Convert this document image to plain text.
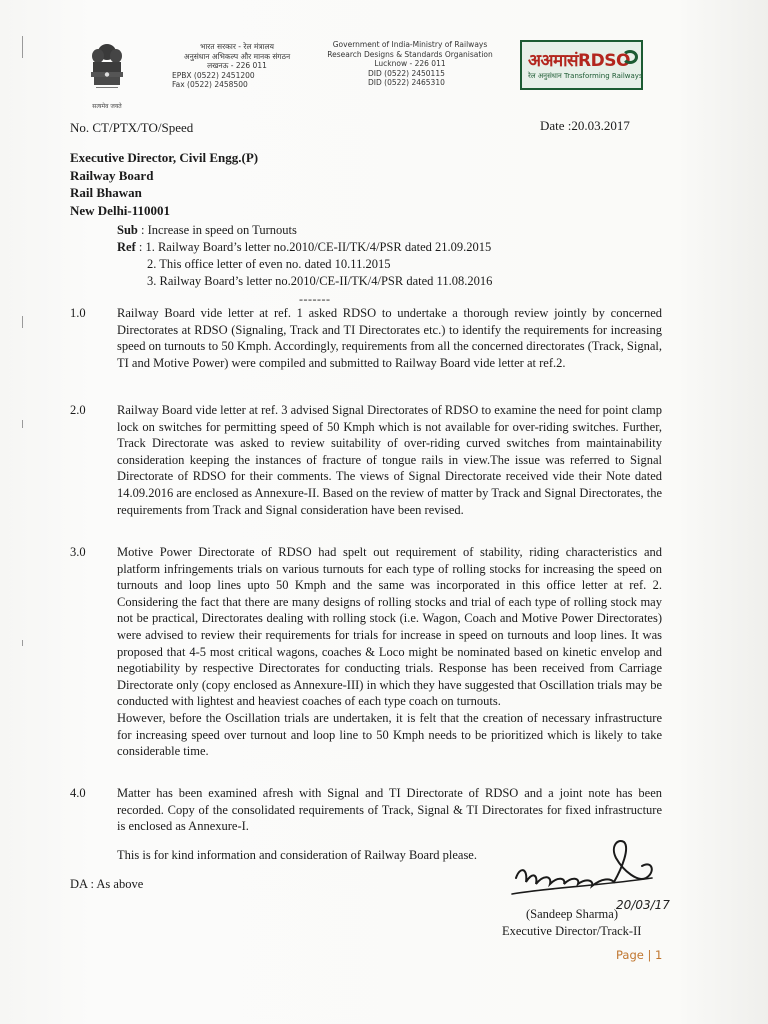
सत्यमेव जयते
भारत सरकार - रेल मंत्रालय
अनुसंधान अभिकल्प और मानक संगठन
लखनऊ - 226 011
EPBX (0522) 2451200
Fax (0522) 2458500
Government of India-Ministry of Railways
Research Designs & Standards Organisation
Lucknow - 226 011
DID (0522) 2450115
DID (0522) 2465310
अअमासंRDSO
रेल अनुसंधान Transforming Railways
No. CT/PTX/TO/Speed	Date :20.03.2017
Executive Director, Civil Engg.(P)
Railway Board
Rail Bhawan
New Delhi-110001
Sub : Increase in speed on Turnouts
Ref : 1. Railway Board’s letter no.2010/CE-II/TK/4/PSR dated 21.09.2015
2. This office letter of even no. dated 10.11.2015
3. Railway Board’s letter no.2010/CE-II/TK/4/PSR dated 11.08.2016
-------
1.0	Railway Board vide letter at ref. 1 asked RDSO to undertake a thorough review jointly by concerned Directorates at RDSO (Signaling, Track and TI Directorates etc.) to identify the requirements for increasing speed on turnouts to 50 Kmph. Accordingly, requirements from all the concerned directorates (Track, Signal, TI and Motive Power) were compiled and submitted to Railway Board vide letter at ref.2.
2.0	Railway Board vide letter at ref. 3 advised Signal Directorates of RDSO to examine the need for point clamp lock on switches for permitting speed of 50 Kmph which is not available for over-riding switches. Further, Track Directorate was asked to review suitability of over-riding curved switches from maintainability consideration keeping the instances of fracture of tongue rails in view.The issue was referred to Signal Directorate of RDSO for their comments. The views of Signal Directorate received vide their Note dated 14.09.2016 are enclosed as Annexure-II. Based on the review of matter by Track and Signal Directorates, the requirements from Track and Signal consideration have been revised.
3.0	Motive Power Directorate of RDSO had spelt out requirement of stability, riding characteristics and platform infringements trials on various turnouts for each type of rolling stocks for increasing the speed on turnouts and loop lines upto 50 Kmph and the same was incorporated in this office letter at ref. 2. Considering the fact that there are many designs of rolling stocks and trial of each type of rolling stock may not be practical, Directorates dealing with rolling stock (i.e. Wagon, Coach and Motive Power Directorates) were advised to review their requirements for trials for increase in speed on turnouts and loop lines. It was proposed that 4-5 most critical wagons, coaches & Loco might be nominated based on kinetic envelop and negotiability by respective Directorates for conducting trials. Response has been received from Carriage Directorate only (copy enclosed as Annexure-III) in which they have suggested that Oscillation trials may be conducted with lightest and heaviest coaches of each type coach on turnouts.
However, before the Oscillation trials are undertaken, it is felt that the creation of necessary infrastructure for increasing speed over turnout and loop line to 50 Kmph needs to be prioritized which is likely to take considerable time.
4.0	Matter has been examined afresh with Signal and TI Directorate of RDSO and a joint note has been recorded. Copy of the consolidated requirements of Track, Signal & TI Directorates for fixed infrastructure is enclosed as Annexure-I.
This is for kind information and consideration of Railway Board please.
DA : As above
20/03/17
(Sandeep Sharma)
Executive Director/Track-II
Page | 1
